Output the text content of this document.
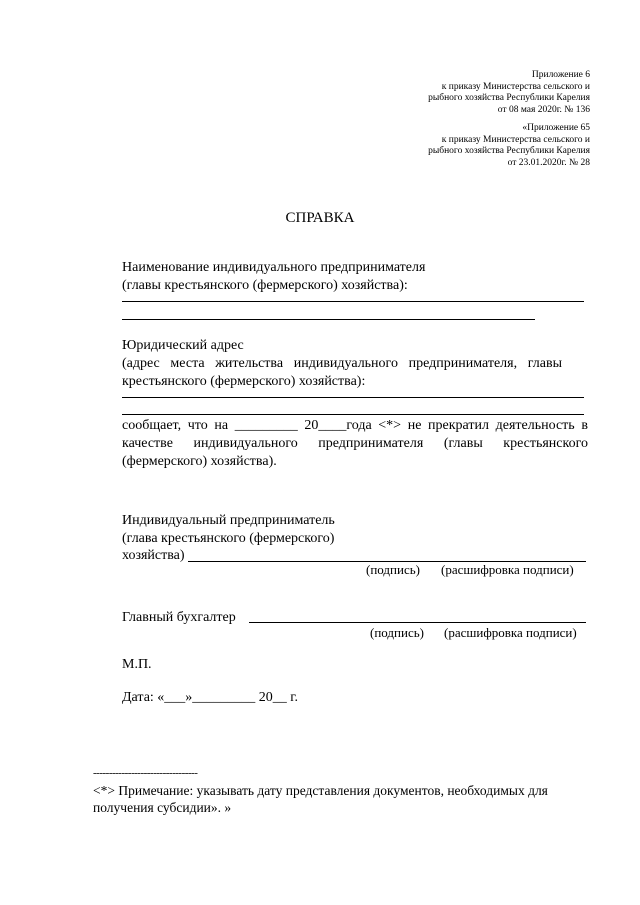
Приложение 6
к приказу Министерства сельского и
рыбного хозяйства Республики Карелия
от 08 мая 2020г. № 136
«Приложение 65
к приказу Министерства сельского и
рыбного хозяйства Республики Карелия
от 23.01.2020г. № 28
СПРАВКА
Наименование индивидуального предпринимателя
(главы крестьянского (фермерского) хозяйства):
Юридический адрес
(адрес места жительства индивидуального предпринимателя, главы
крестьянского (фермерского) хозяйства):
сообщает, что на _________ 20____года <*> не прекратил деятельность в
качестве индивидуального предпринимателя (главы крестьянского
(фермерского) хозяйства).
Индивидуальный предприниматель
(глава крестьянского (фермерского)
хозяйства)
(подпись) (расшифровка подписи)
Главный бухгалтер
(подпись) (расшифровка подписи)
М.П.
Дата: «___»_________ 20__ г.
---------------------------------
<*> Примечание: указывать дату представления документов, необходимых для
получения субсидии». »
